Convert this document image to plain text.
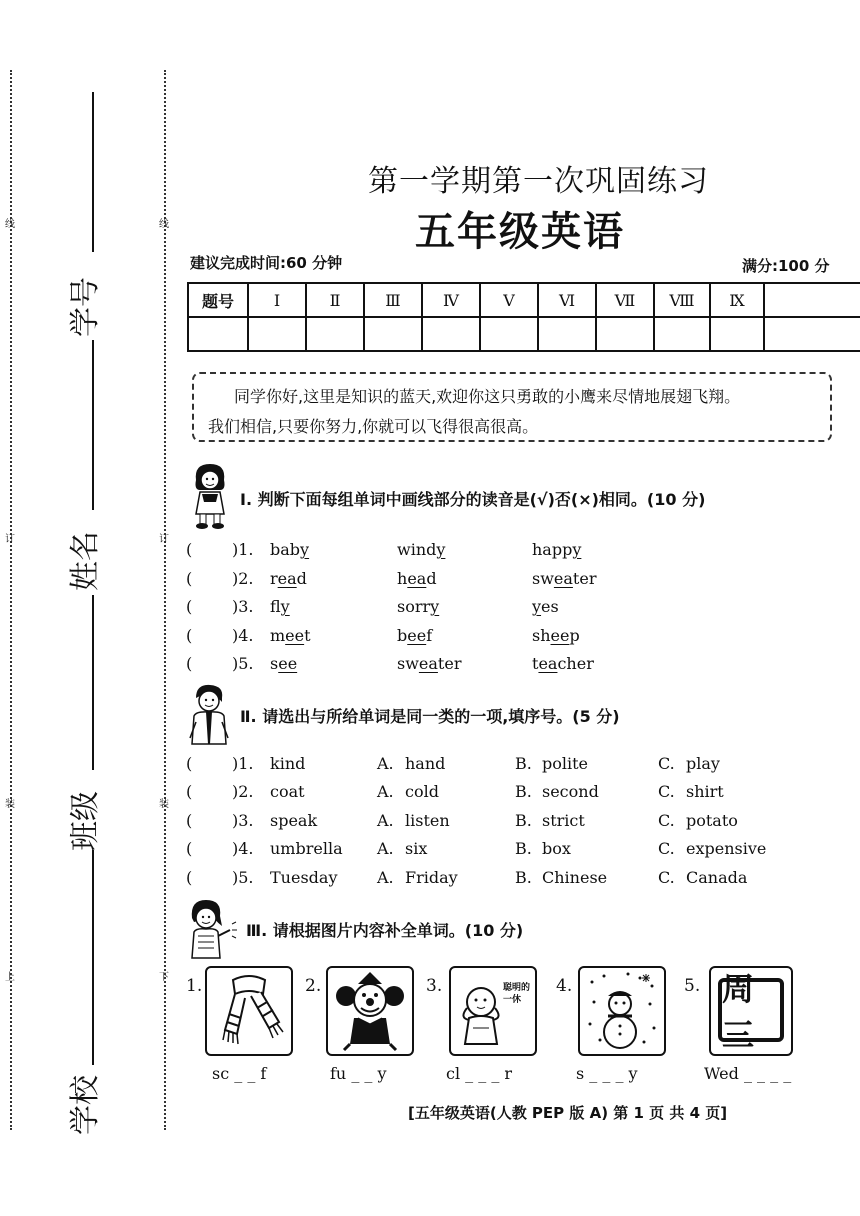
线
订
装
上
线
订
装
下
学号
姓名
班级
学校
第一学期第一次巩固练习
五年级英语
建议完成时间:60 分钟	满分:100 分
题号	Ⅰ	Ⅱ	Ⅲ	Ⅳ	Ⅴ	Ⅵ	Ⅶ	Ⅷ	Ⅸ	

同学你好,这里是知识的蓝天,欢迎你这只勇敢的小鹰来尽情地展翅飞翔。
我们相信,只要你努力,你就可以飞得很高很高。
Ⅰ. 判断下面每组单词中画线部分的读音是(√)否(×)相同。(10 分)
( )1. baby	windy	happy
( )2. read	head	sweater
( )3. fly	sorry	yes
( )4. meet	beef	sheep
( )5. see	sweater	teacher
Ⅱ. 请选出与所给单词是同一类的一项,填序号。(5 分)
( )1. kind	A. hand	B. polite	C. play
( )2. coat	A. cold	B. second	C. shirt
( )3. speak	A. listen	B. strict	C. potato
( )4. umbrella A. six	B. box	C. expensive
( )5. Tuesday A. Friday	B. Chinese	C. Canada
Ⅲ. 请根据图片内容补全单词。(10 分)
1.
sc _ _ f
2.
fu _ _ y
3.	聪明的一休
cl _ _ _ r
4.
s _ _ _ y
5. 周三
Wed _ _ _ _
[五年级英语(人教 PEP 版 A) 第 1 页 共 4 页]
